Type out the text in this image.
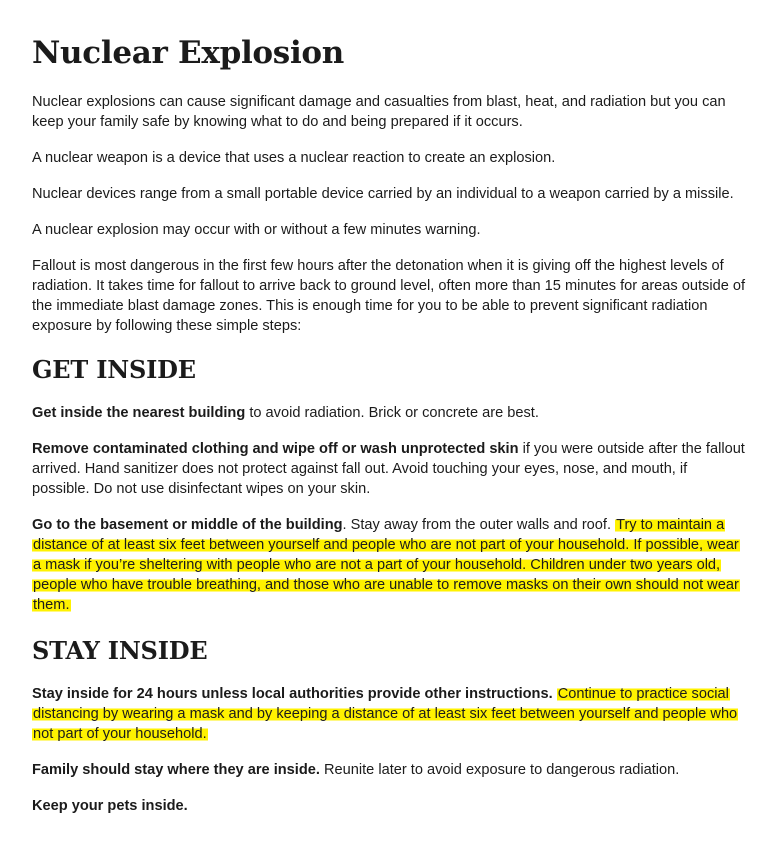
Nuclear Explosion

Nuclear explosions can cause significant damage and casualties from blast, heat, and radiation but you can keep your family safe by knowing what to do and being prepared if it occurs.

A nuclear weapon is a device that uses a nuclear reaction to create an explosion.

Nuclear devices range from a small portable device carried by an individual to a weapon carried by a missile.

A nuclear explosion may occur with or without a few minutes warning.

Fallout is most dangerous in the first few hours after the detonation when it is giving off the highest levels of radiation. It takes time for fallout to arrive back to ground level, often more than 15 minutes for areas outside of the immediate blast damage zones. This is enough time for you to be able to prevent significant radiation exposure by following these simple steps:

GET INSIDE

Get inside the nearest building to avoid radiation. Brick or concrete are best.

Remove contaminated clothing and wipe off or wash unprotected skin if you were outside after the fallout arrived. Hand sanitizer does not protect against fall out. Avoid touching your eyes, nose, and mouth, if possible. Do not use disinfectant wipes on your skin.

Go to the basement or middle of the building. Stay away from the outer walls and roof. Try to maintain a distance of at least six feet between yourself and people who are not part of your household. If possible, wear a mask if you’re sheltering with people who are not a part of your household. Children under two years old, people who have trouble breathing, and those who are unable to remove masks on their own should not wear them.

STAY INSIDE

Stay inside for 24 hours unless local authorities provide other instructions. Continue to practice social distancing by wearing a mask and by keeping a distance of at least six feet between yourself and people who not part of your household.

Family should stay where they are inside. Reunite later to avoid exposure to dangerous radiation.

Keep your pets inside.
